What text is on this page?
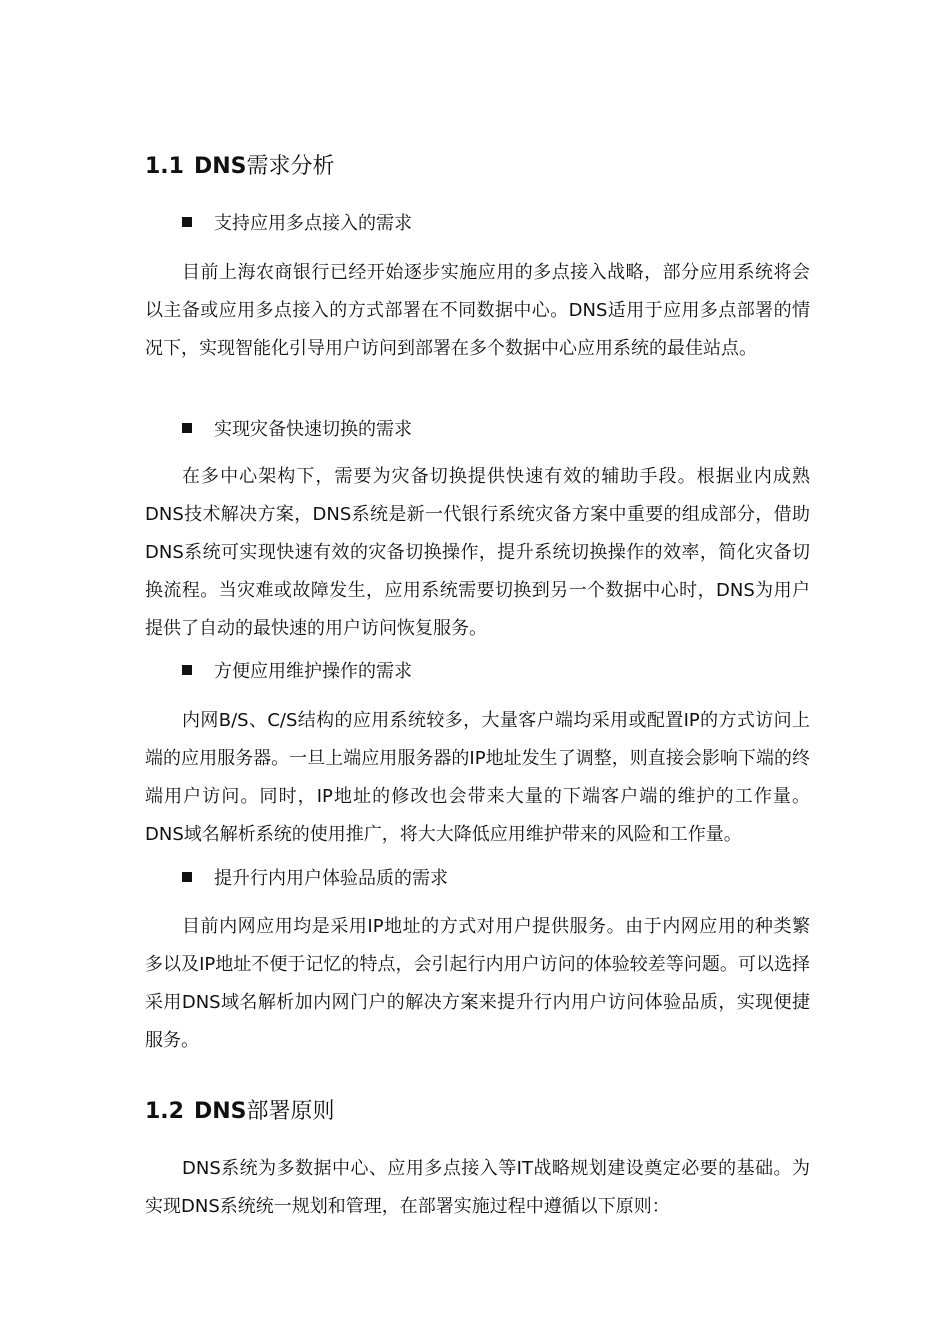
1.1 DNS需求分析
支持应用多点接入的需求

目前上海农商银行已经开始逐步实施应用的多点接入战略，部分应用系统将会以主备或应用多点接入的方式部署在不同数据中心。DNS适用于应用多点部署的情况下，实现智能化引导用户访问到部署在多个数据中心应用系统的最佳站点。

实现灾备快速切换的需求

在多中心架构下，需要为灾备切换提供快速有效的辅助手段。根据业内成熟DNS技术解决方案，DNS系统是新一代银行系统灾备方案中重要的组成部分，借助DNS系统可实现快速有效的灾备切换操作，提升系统切换操作的效率，简化灾备切换流程。当灾难或故障发生，应用系统需要切换到另一个数据中心时，DNS为用户提供了自动的最快速的用户访问恢复服务。

方便应用维护操作的需求

内网B/S、C/S结构的应用系统较多，大量客户端均采用或配置IP的方式访问上端的应用服务器。一旦上端应用服务器的IP地址发生了调整，则直接会影响下端的终端用户访问。同时，IP地址的修改也会带来大量的下端客户端的维护的工作量。DNS域名解析系统的使用推广，将大大降低应用维护带来的风险和工作量。

提升行内用户体验品质的需求

目前内网应用均是采用IP地址的方式对用户提供服务。由于内网应用的种类繁多以及IP地址不便于记忆的特点，会引起行内用户访问的体验较差等问题。可以选择采用DNS域名解析加内网门户的解决方案来提升行内用户访问体验品质，实现便捷服务。

1.2 DNS部署原则

DNS系统为多数据中心、应用多点接入等IT战略规划建设奠定必要的基础。为实现DNS系统统一规划和管理，在部署实施过程中遵循以下原则：
